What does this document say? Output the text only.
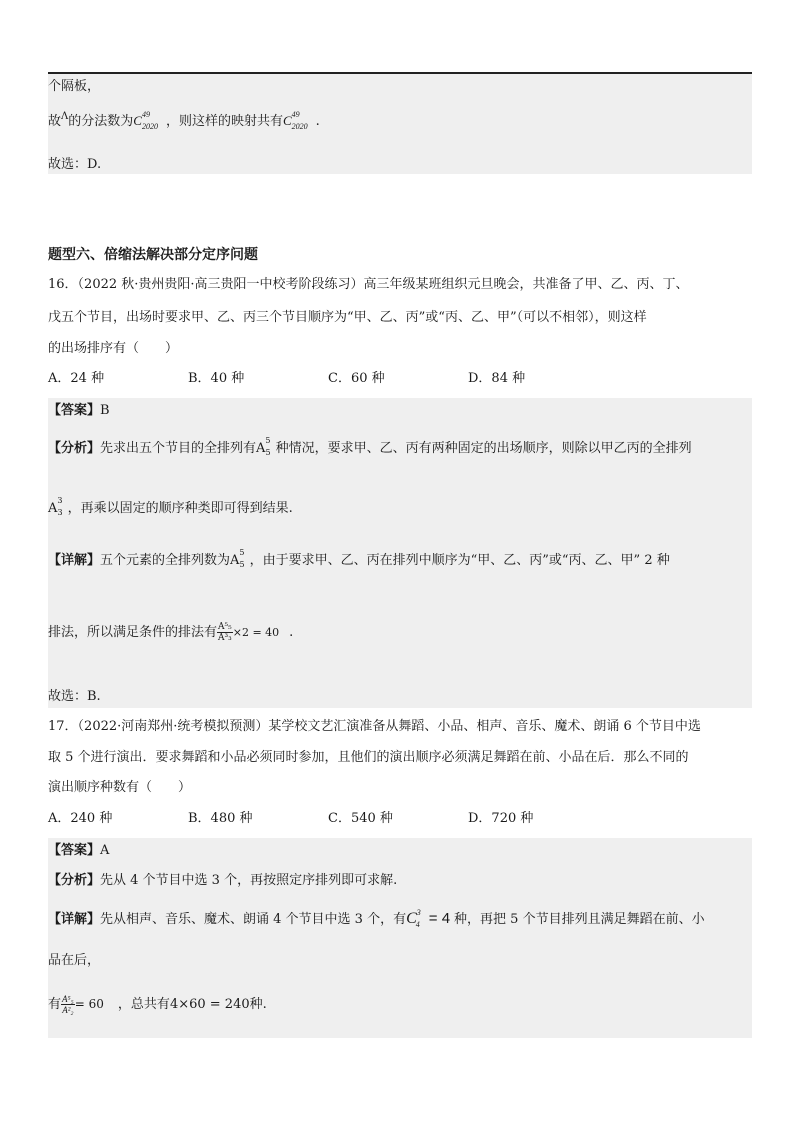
个隔板，
故$^\Lambda$的分法数为$C^{49}_{2020}$ ，则这样的映射共有$C^{49}_{2020}$ .
故选：D.
题型六、倍缩法解决部分定序问题
16．（2022 秋·贵州贵阳·高三贵阳一中校考阶段练习）高三年级某班组织元旦晚会，共准备了甲、乙、丙、丁、
戊五个节目，出场时要求甲、乙、丙三个节目顺序为“甲、乙、丙”或“丙、乙、甲”（可以不相邻），则这样
的出场排序有（　　）
A．24 种	B．40 种	C．60 种	D．84 种
【答案】B
【分析】先求出五个节目的全排列有$A^5_5$ 种情况，要求甲、乙、丙有两种固定的出场顺序，则除以甲乙丙的全排列
$A^3_3$ ，再乘以固定的顺序种类即可得到结果.
【详解】五个元素的全排列数为$A^5_5$ ，由于要求甲、乙、丙在排列中顺序为“甲、乙、丙”或“丙、乙、甲” 2 种
排法，所以满足条件的排法有 $\frac{\text{A⁵₅}}{\text{A³₃}} \times 2 = 40$ .
故选：B.
17．（2022·河南郑州·统考模拟预测）某学校文艺汇演准备从舞蹈、小品、相声、音乐、魔术、朗诵 6 个节目中选
取 5 个进行演出．要求舞蹈和小品必须同时参加，且他们的演出顺序必须满足舞蹈在前、小品在后．那么不同的
演出顺序种数有（　　）
A．240 种	B．480 种	C．540 种	D．720 种
【答案】A
【分析】先从 4 个节目中选 3 个，再按照定序排列即可求解.
【详解】先从相声、音乐、魔术、朗诵 4 个节目中选 3 个，有$C^3_4 = 4$ 种，再把 5 个节目排列且满足舞蹈在前、小
品在后，
有 $\frac{\text{A⁵₅}}{\text{A²₂}} = 60$ ，总共有4×60 = 240种.
